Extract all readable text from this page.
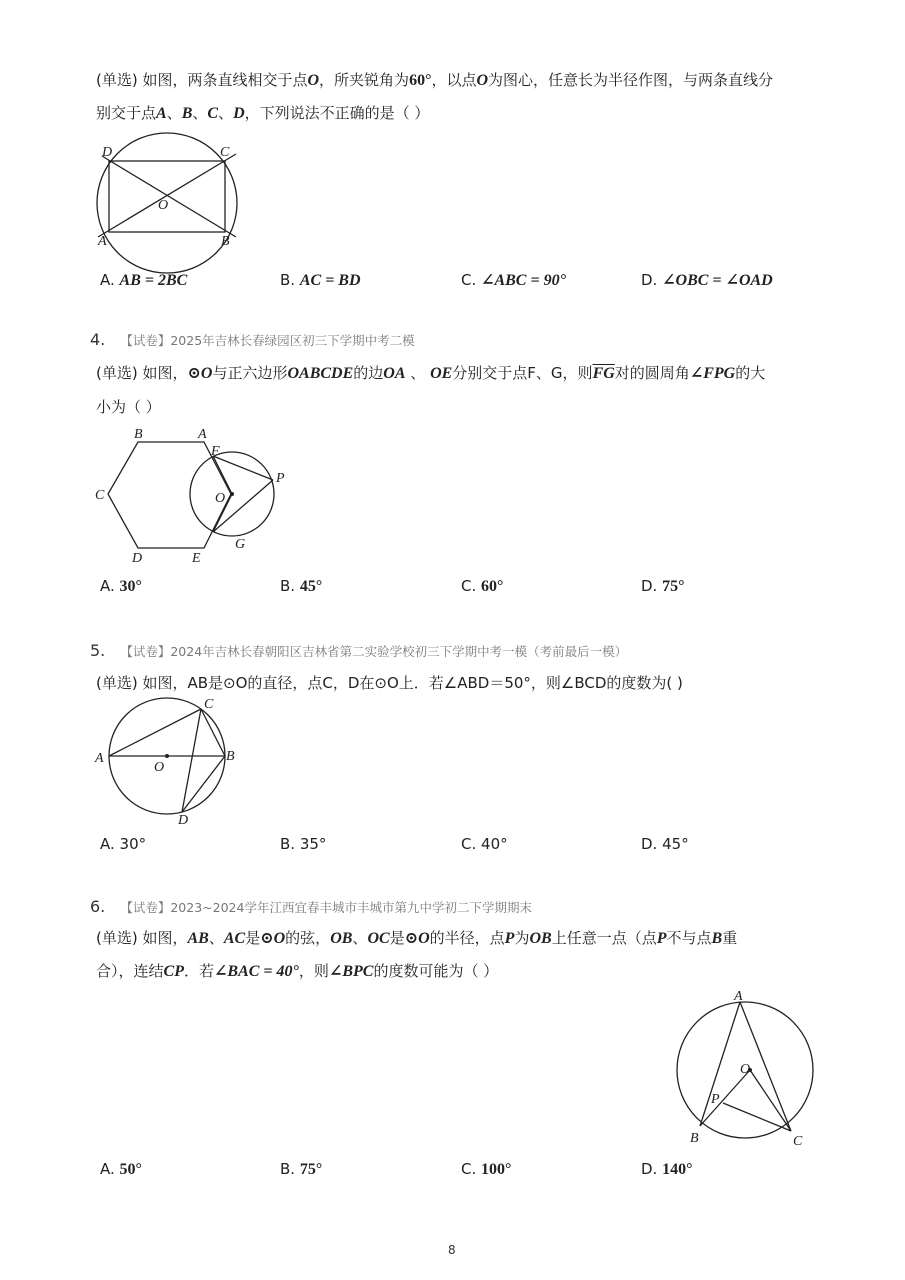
(单选) 如图，两条直线相交于点O，所夹锐角为60°，以点O为图心，任意长为半径作图，与两条直线分
别交于点A、B、C、D，下列说法不正确的是（ ）
D	C
O
A	B
A. AB = 2BC	B. AC = BD	C. ∠ABC = 90°	D. ∠OBC = ∠OAD
4. 【试卷】2025年吉林长春绿园区初三下学期中考二模
(单选) 如图，⊙O与正六边形OABCDE的边OA 、 OE分别交于点F、G，则$\overline{FG}$对的圆周角∠FPG的大
小为（ ）
B	A
F
P
C	O
G
D	E
A. 30°	B. 45°	C. 60°	D. 75°
5. 【试卷】2024年吉林长春朝阳区吉林省第二实验学校初三下学期中考一模（考前最后一模）
(单选) 如图，AB是⊙O的直径，点C，D在⊙O上．若∠ABD＝50°，则∠BCD的度数为( )
C
A
O
B
D
A. 30°	B. 35°	C. 40°	D. 45°
6. 【试卷】2023~2024学年江西宜春丰城市丰城市第九中学初二下学期期末
(单选) 如图，AB、AC是⊙O的弦，OB、OC是⊙O的半径，点P为OB上任意一点（点P不与点B重
合），连结CP．若∠BAC = 40°，则∠BPC的度数可能为（ ）
A
O
P
B	C
A. 50°	B. 75°	C. 100°	D. 140°
8
